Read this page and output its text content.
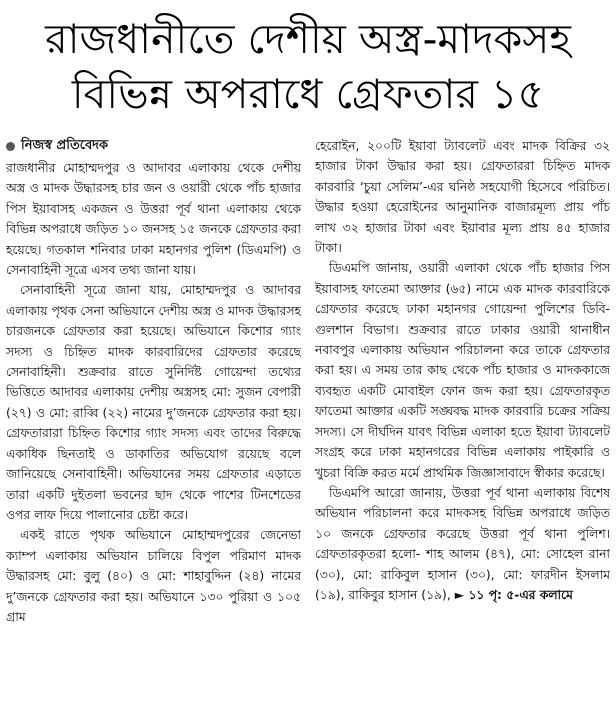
রাজধানীতে দেশীয় অস্ত্র-মাদকসহ
বিভিন্ন অপরাধে গ্রেফতার ১৫
নিজস্ব প্রতিবেদক

রাজধানীর মোহাম্মদপুর ও আদাবর এলাকায় থেকে দেশীয় অস্ত্র ও মাদক উদ্ধারসহ চার জন ও ওয়ারী থেকে পাঁচ হাজার পিস ইয়াবাসহ একজন ও উত্তরা পূর্ব থানা এলাকায় থেকে বিভিন্ন অপরাধে জড়িত ১০ জনসহ ১৫ জনকে গ্রেফতার করা হয়েছে। গতকাল শনিবার ঢাকা মহানগর পুলিশ (ডিএমপি) ও সেনাবাহিনী সূত্রে এসব তথ্য জানা যায়।

সেনাবাহিনী সূত্রে জানা যায়, মোহাম্মদপুর ও আদাবর এলাকায় পৃথক সেনা অভিযানে দেশীয় অস্ত্র ও মাদক উদ্ধারসহ চারজনকে গ্রেফতার করা হয়েছে। অভিযানে কিশোর গ্যাং সদস্য ও চিহ্নিত মাদক কারবারিদের গ্রেফতার করেছে সেনাবাহিনী। শুক্রবার রাতে সুনির্দিষ্ট গোয়েন্দা তথ্যের ভিত্তিতে আদাবর এলাকায় দেশীয় অস্ত্রসহ মো: সুজন বেপারী (২৭) ও মো: রাব্বি (২২) নামের দু’জনকে গ্রেফতার করা হয়। গ্রেফতারারা চিহ্নিত কিশোর গ্যাং সদস্য এবং তাদের বিরুদ্ধে একাধিক ছিনতাই ও ডাকাতির অভিযোগ রয়েছে বলে জানিয়েছে সেনাবাহিনী। অভিযানের সময় গ্রেফতার এড়াতে তারা একটি দুইতলা ভবনের ছাদ থেকে পাশের টিনশেডের ওপর লাফ দিয়ে পালানোর চেষ্টা করে।

একই রাতে পৃথক অভিযানে মোহাম্মদপুরের জেনেভা ক্যাম্প এলাকায় অভিযান চালিয়ে বিপুল পরিমাণ মাদক উদ্ধারসহ মো: বুলু (৪০) ও মো: শাহাবুদ্দিন (২৪) নামের দু’জনকে গ্রেফতার করা হয়। অভিযানে ১৩০ পুরিয়া ও ১০৫ গ্রাম

হেরোইন, ২০০টি ইয়াবা ট্যাবলেট এবং মাদক বিক্রির ৩২ হাজার টাকা উদ্ধার করা হয়। গ্রেফতাররা চিহ্নিত মাদক কারবারি ‘চুয়া সেলিম’-এর ঘনিষ্ঠ সহযোগী হিসেবে পরিচিত। উদ্ধার হওয়া হেরোইনের আনুমানিক বাজারমূল্য প্রায় পাঁচ লাখ ৩২ হাজার টাকা এবং ইয়াবার মূল্য প্রায় ৪৫ হাজার টাকা।

ডিএমপি জানায়, ওয়ারী এলাকা থেকে পাঁচ হাজার পিস ইয়াবাসহ ফাতেমা আক্তার (৬৫) নামে এক মাদক কারবারিকে গ্রেফতার করেছে ঢাকা মহানগর গোয়েন্দা পুলিশের ডিবি-গুলশান বিভাগ। শুক্রবার রাতে ঢাকার ওয়ারী থানাধীন নবাবপুর এলাকায় অভিযান পরিচালনা করে তাকে গ্রেফতার করা হয়। এ সময় তার কাছ থেকে পাঁচ হাজার ও মাদককাজে ব্যবহৃত একটি মোবাইল ফোন জব্দ করা হয়। গ্রেফতারকৃত ফাতেমা আক্তার একটি সঙ্ঘবদ্ধ মাদক কারবারি চক্রের সক্রিয় সদস্য। সে দীর্ঘদিন যাবৎ বিভিন্ন এলাকা হতে ইয়াবা ট্যাবলেট সংগ্রহ করে ঢাকা মহানগরের বিভিন্ন এলাকায় পাইকারি ও খুচরা বিক্রি করত মর্মে প্রাথমিক জিজ্ঞাসাবাদে স্বীকার করেছে।

ডিএমপি আরো জানায়, উত্তরা পূর্ব থানা এলাকায় বিশেষ অভিযান পরিচালনা করে মাদকসহ বিভিন্ন অপরাধে জড়িত ১০ জনকে গ্রেফতার করেছে উত্তরা পূর্ব থানা পুলিশ। গ্রেফতারকৃতরা হলো- শাহ আলম (৪৭), মো: সোহেল রানা (৩০), মো: রাকিবুল হাসান (৩০), মো: ফারদীন ইসলাম (১৯), রাকিবুর হাসান (১৯), ► ১১ পৃ: ৫-এর কলামে
